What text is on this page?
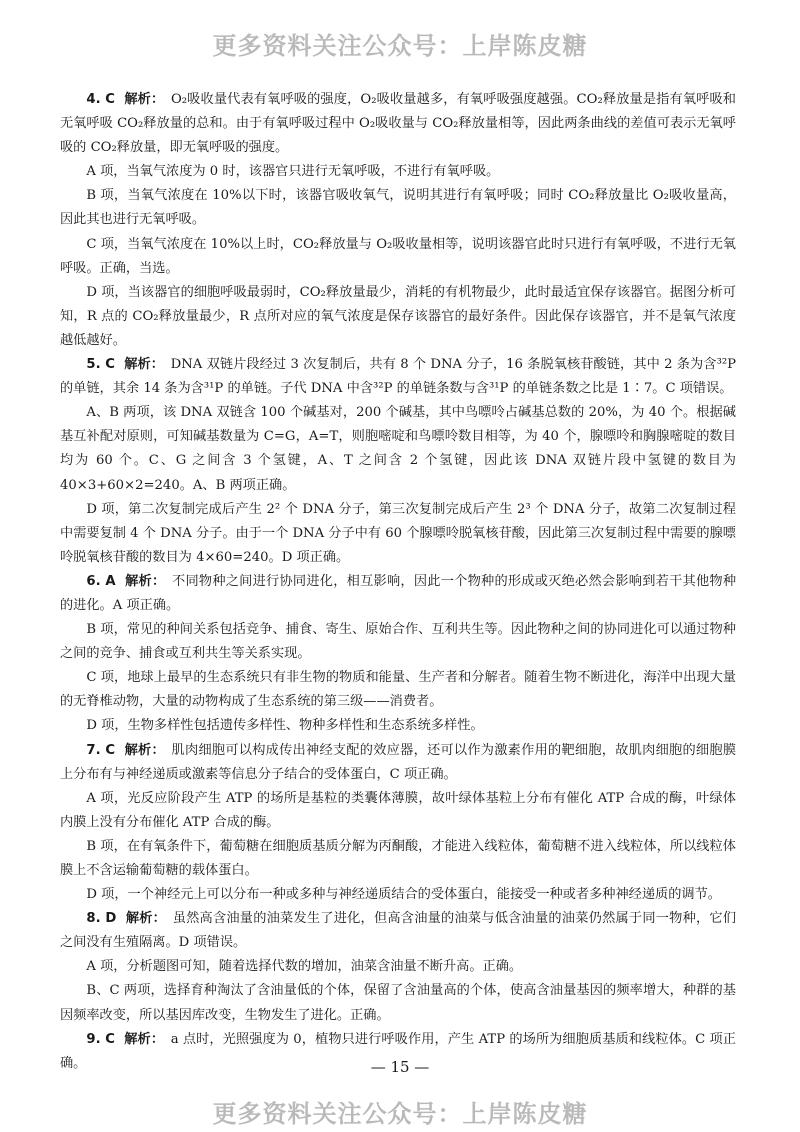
更多资料关注公众号：上岸陈皮糖

4. C 解析： O₂吸收量代表有氧呼吸的强度，O₂吸收量越多，有氧呼吸强度越强。CO₂释放量是指有氧呼吸和无氧呼吸 CO₂释放量的总和。由于有氧呼吸过程中 O₂吸收量与 CO₂释放量相等，因此两条曲线的差值可表示无氧呼吸的 CO₂释放量，即无氧呼吸的强度。

A 项，当氧气浓度为 0 时，该器官只进行无氧呼吸，不进行有氧呼吸。

B 项，当氧气浓度在 10%以下时，该器官吸收氧气，说明其进行有氧呼吸；同时 CO₂释放量比 O₂吸收量高，因此其也进行无氧呼吸。

C 项，当氧气浓度在 10%以上时，CO₂释放量与 O₂吸收量相等，说明该器官此时只进行有氧呼吸，不进行无氧呼吸。正确，当选。

D 项，当该器官的细胞呼吸最弱时，CO₂释放量最少，消耗的有机物最少，此时最适宜保存该器官。据图分析可知，R 点的 CO₂释放量最少，R 点所对应的氧气浓度是保存该器官的最好条件。因此保存该器官，并不是氧气浓度越低越好。

5. C 解析： DNA 双链片段经过 3 次复制后，共有 8 个 DNA 分子，16 条脱氧核苷酸链，其中 2 条为含³²P 的单链，其余 14 条为含³¹P 的单链。子代 DNA 中含³²P 的单链条数与含³¹P 的单链条数之比是 1∶7。C 项错误。

A、B 两项，该 DNA 双链含 100 个碱基对，200 个碱基，其中鸟嘌呤占碱基总数的 20%，为 40 个。根据碱基互补配对原则，可知碱基数量为 C=G，A=T，则胞嘧啶和鸟嘌呤数目相等，为 40 个，腺嘌呤和胸腺嘧啶的数目均为 60 个。C、G 之间含 3 个氢键，A、T 之间含 2 个氢键，因此该 DNA 双链片段中氢键的数目为 40×3+60×2=240。A、B 两项正确。

D 项，第二次复制完成后产生 2² 个 DNA 分子，第三次复制完成后产生 2³ 个 DNA 分子，故第二次复制过程中需要复制 4 个 DNA 分子。由于一个 DNA 分子中有 60 个腺嘌呤脱氧核苷酸，因此第三次复制过程中需要的腺嘌呤脱氧核苷酸的数目为 4×60=240。D 项正确。

6. A 解析： 不同物种之间进行协同进化，相互影响，因此一个物种的形成或灭绝必然会影响到若干其他物种的进化。A 项正确。

B 项，常见的种间关系包括竞争、捕食、寄生、原始合作、互利共生等。因此物种之间的协同进化可以通过物种之间的竞争、捕食或互利共生等关系实现。

C 项，地球上最早的生态系统只有非生物的物质和能量、生产者和分解者。随着生物不断进化，海洋中出现大量的无脊椎动物，大量的动物构成了生态系统的第三级——消费者。

D 项，生物多样性包括遗传多样性、物种多样性和生态系统多样性。

7. C 解析： 肌肉细胞可以构成传出神经支配的效应器，还可以作为激素作用的靶细胞，故肌肉细胞的细胞膜上分布有与神经递质或激素等信息分子结合的受体蛋白，C 项正确。

A 项，光反应阶段产生 ATP 的场所是基粒的类囊体薄膜，故叶绿体基粒上分布有催化 ATP 合成的酶，叶绿体内膜上没有分布催化 ATP 合成的酶。

B 项，在有氧条件下，葡萄糖在细胞质基质分解为丙酮酸，才能进入线粒体，葡萄糖不进入线粒体，所以线粒体膜上不含运输葡萄糖的载体蛋白。

D 项，一个神经元上可以分布一种或多种与神经递质结合的受体蛋白，能接受一种或者多种神经递质的调节。

8. D 解析： 虽然高含油量的油菜发生了进化，但高含油量的油菜与低含油量的油菜仍然属于同一物种，它们之间没有生殖隔离。D 项错误。

A 项，分析题图可知，随着选择代数的增加，油菜含油量不断升高。正确。

B、C 两项，选择育种淘汰了含油量低的个体，保留了含油量高的个体，使高含油量基因的频率增大，种群的基因频率改变，所以基因库改变，生物发生了进化。正确。

9. C 解析： a 点时，光照强度为 0，植物只进行呼吸作用，产生 ATP 的场所为细胞质基质和线粒体。C 项正确。	— 15 —
更多资料关注公众号：上岸陈皮糖
